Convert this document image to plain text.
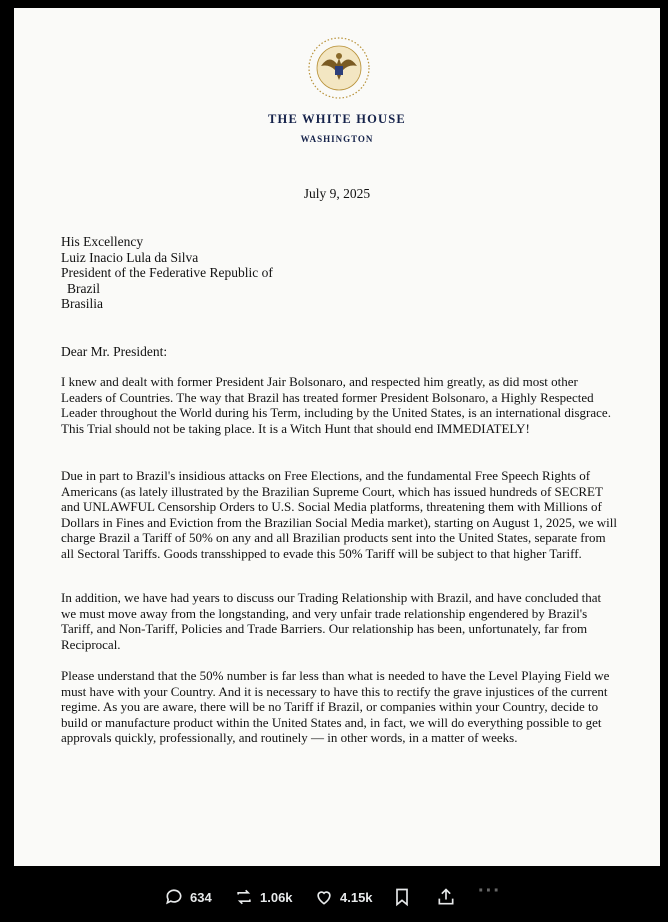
THE WHITE HOUSE
WASHINGTON
July 9, 2025
His Excellency
Luiz Inacio Lula da Silva
President of the Federative Republic of
Brazil
Brasilia
Dear Mr. President:
I knew and dealt with former President Jair Bolsonaro, and respected him greatly, as did most other Leaders of Countries. The way that Brazil has treated former President Bolsonaro, a Highly Respected Leader throughout the World during his Term, including by the United States, is an international disgrace. This Trial should not be taking place. It is a Witch Hunt that should end IMMEDIATELY!
Due in part to Brazil's insidious attacks on Free Elections, and the fundamental Free Speech Rights of Americans (as lately illustrated by the Brazilian Supreme Court, which has issued hundreds of SECRET and UNLAWFUL Censorship Orders to U.S. Social Media platforms, threatening them with Millions of Dollars in Fines and Eviction from the Brazilian Social Media market), starting on August 1, 2025, we will charge Brazil a Tariff of 50% on any and all Brazilian products sent into the United States, separate from all Sectoral Tariffs. Goods transshipped to evade this 50% Tariff will be subject to that higher Tariff.
In addition, we have had years to discuss our Trading Relationship with Brazil, and have concluded that we must move away from the longstanding, and very unfair trade relationship engendered by Brazil's Tariff, and Non-Tariff, Policies and Trade Barriers. Our relationship has been, unfortunately, far from Reciprocal.
Please understand that the 50% number is far less than what is needed to have the Level Playing Field we must have with your Country. And it is necessary to have this to rectify the grave injustices of the current regime. As you are aware, there will be no Tariff if Brazil, or companies within your Country, decide to build or manufacture product within the United States and, in fact, we will do everything possible to get approvals quickly, professionally, and routinely — in other words, in a matter of weeks.
634	1.06k	4.15k	···
